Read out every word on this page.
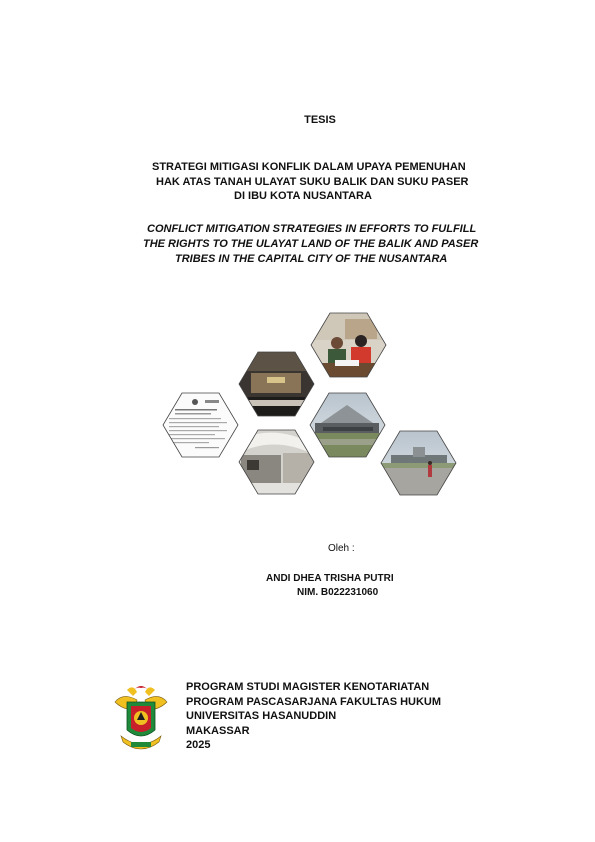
TESIS
STRATEGI MITIGASI KONFLIK DALAM UPAYA PEMENUHAN
HAK ATAS TANAH ULAYAT SUKU BALIK DAN SUKU PASER
DI IBU KOTA NUSANTARA
CONFLICT MITIGATION STRATEGIES IN EFFORTS TO FULFILL
THE RIGHTS TO THE ULAYAT LAND OF THE BALIK AND PASER
TRIBES IN THE CAPITAL CITY OF THE NUSANTARA
Oleh :
ANDI DHEA TRISHA PUTRI
NIM. B022231060
PROGRAM STUDI MAGISTER KENOTARIATAN
PROGRAM PASCASARJANA FAKULTAS HUKUM
UNIVERSITAS HASANUDDIN
MAKASSAR
2025
